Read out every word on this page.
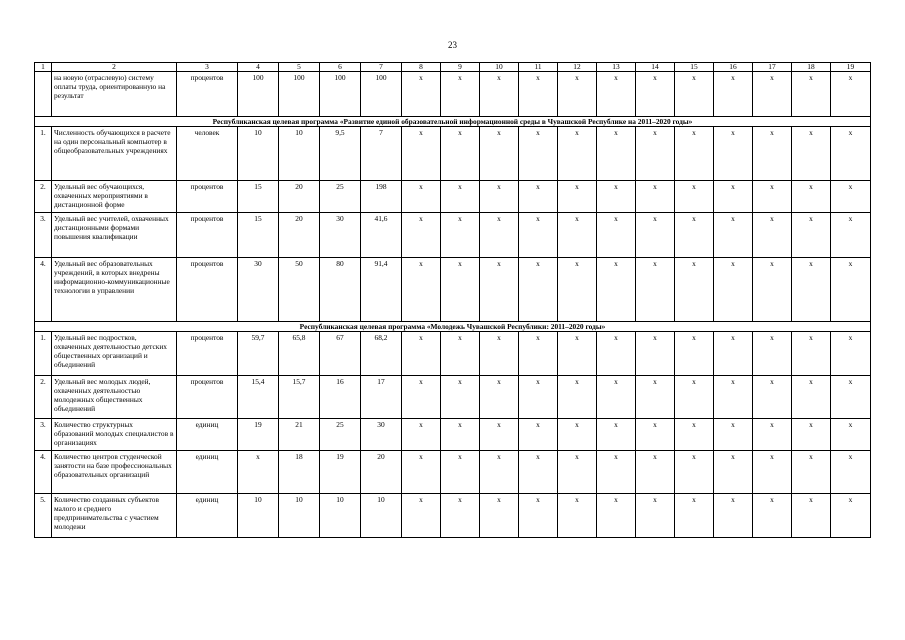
23
1	2	3	4	5	6	7	8	9	10	11	12	13	14	15	16	17	18	19
	на новую (отраслевую) систему оплаты труда, ориентированную на результат	процентов	100	100	100	100	x	x	x	x	x	x	x	x	x	x	x	x
Республиканская целевая программа «Развитие единой образовательной информационной среды в Чувашской Республике на 2011–2020 годы»																		
1.	Численность обучающихся в расчете на один персональный компьютер в общеобразовательных учреждениях	человек	10	10	9,5	7	x	x	x	x	x	x	x	x	x	x	x	x
2.	Удельный вес обучающихся, охваченных мероприятиями в дистанционной форме	процентов	15	20	25	198	x	x	x	x	x	x	x	x	x	x	x	x
3.	Удельный вес учителей, охваченных дистанционными формами повышения квалификации	процентов	15	20	30	41,6	x	x	x	x	x	x	x	x	x	x	x	x
4.	Удельный вес образовательных учреждений, в которых внедрены информационно-коммуникационные технологии в управлении	процентов	30	50	80	91,4	x	x	x	x	x	x	x	x	x	x	x	x
Республиканская целевая программа «Молодежь Чувашской Республики: 2011–2020 годы»																		
1.	Удельный вес подростков, охваченных деятельностью детских общественных организаций и объединений	процентов	59,7	65,8	67	68,2	x	x	x	x	x	x	x	x	x	x	x	x
2.	Удельный вес молодых людей, охваченных деятельностью молодежных общественных объединений	процентов	15,4	15,7	16	17	x	x	x	x	x	x	x	x	x	x	x	x
3.	Количество структурных образований молодых специалистов в организациях	единиц	19	21	25	30	x	x	x	x	x	x	x	x	x	x	x	x
4.	Количество центров студенческой занятости на базе профессиональных образовательных организаций	единиц	x	18	19	20	x	x	x	x	x	x	x	x	x	x	x	x
5.	Количество созданных субъектов малого и среднего предпринимательства с участием молодежи	единиц	10	10	10	10	x	x	x	x	x	x	x	x	x	x	x	x
